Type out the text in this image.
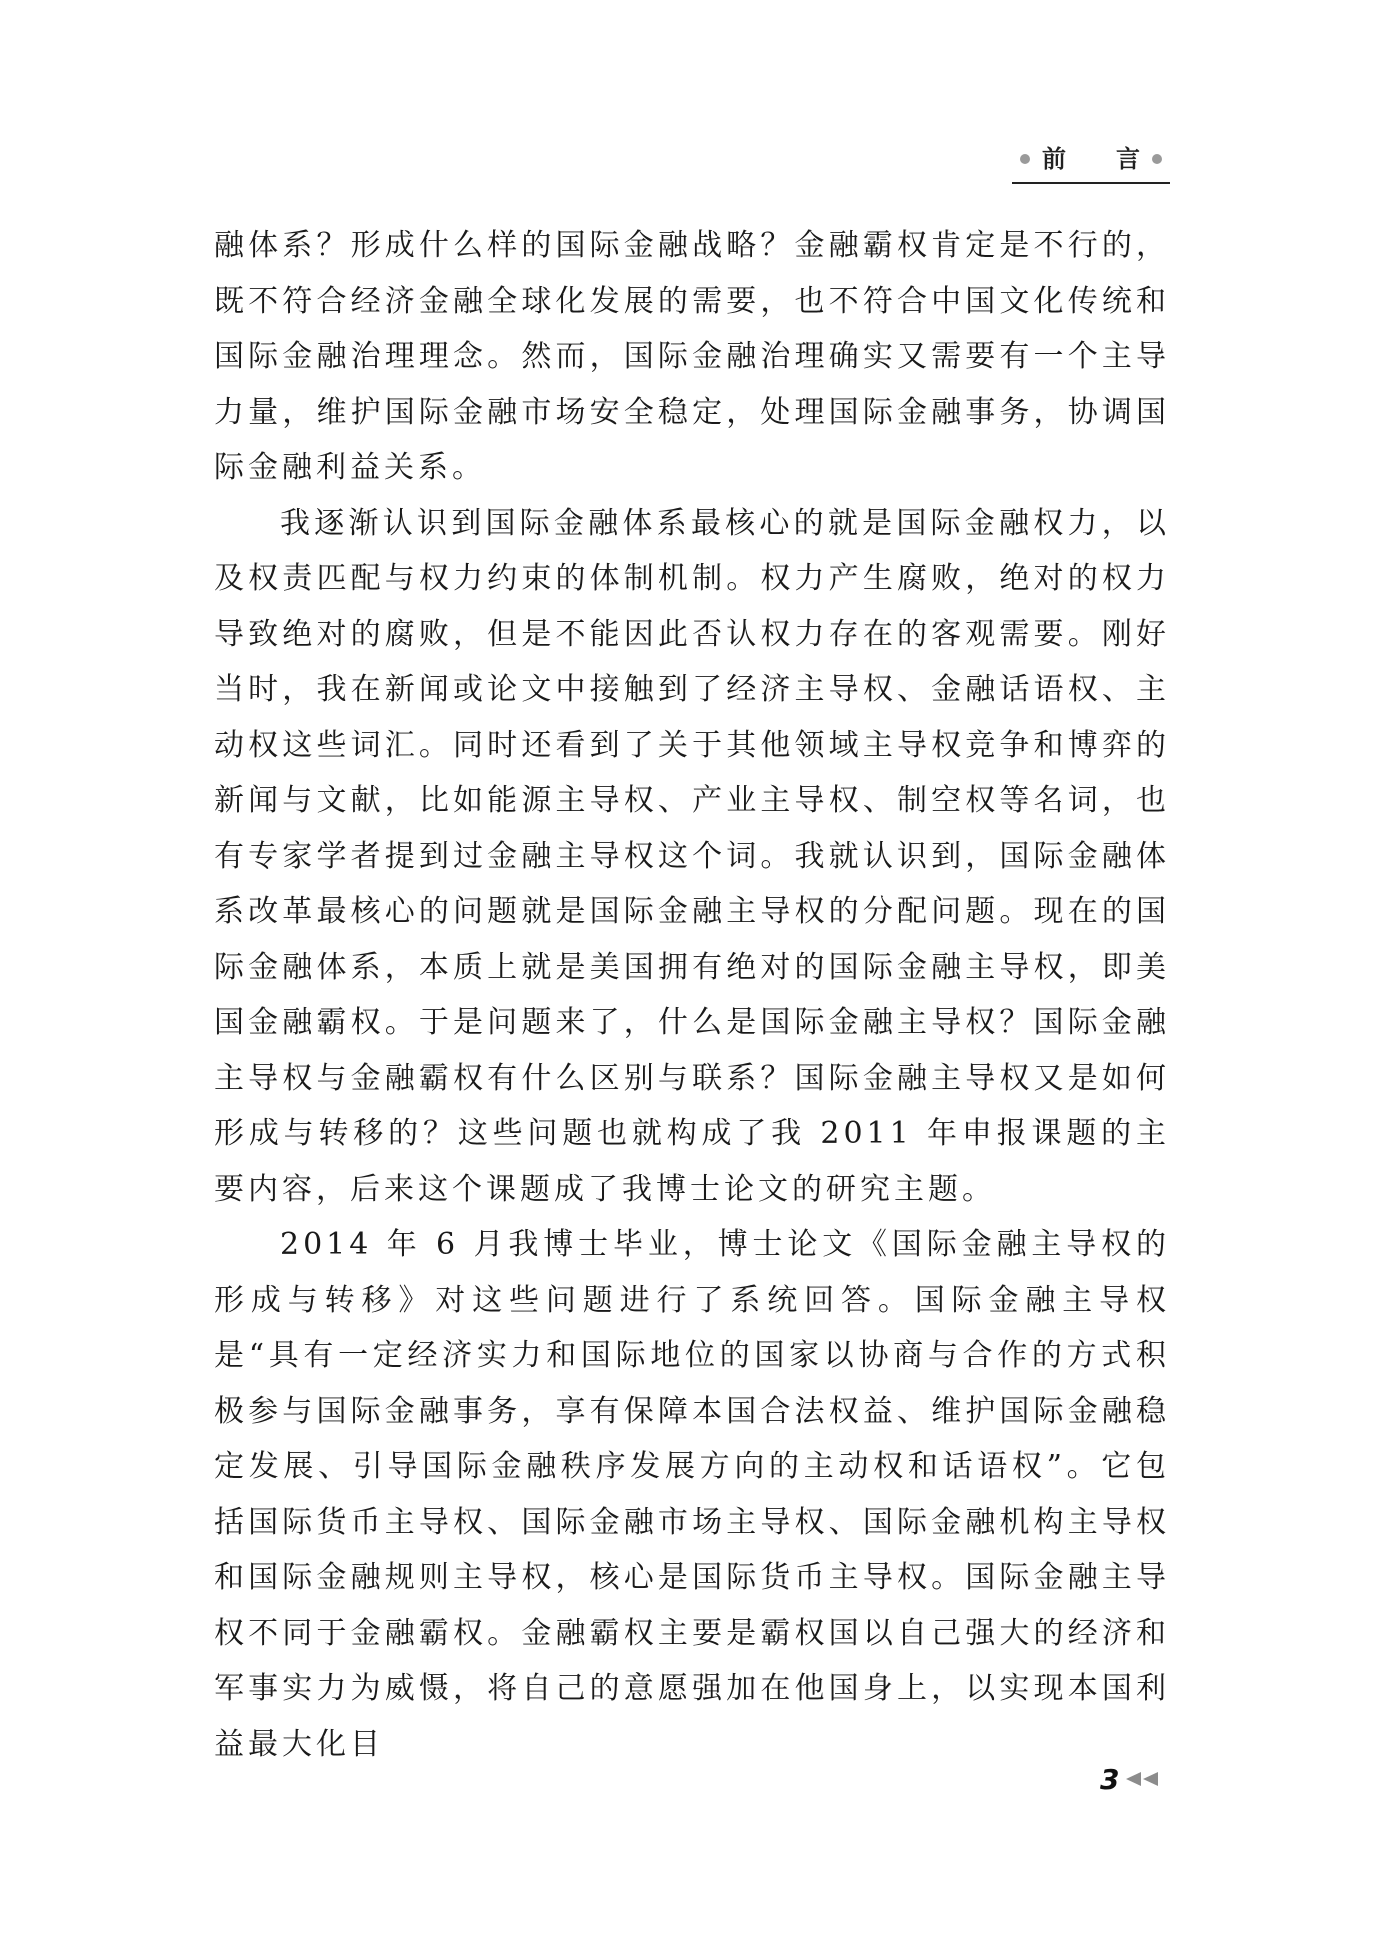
前 言

融体系？形成什么样的国际金融战略？金融霸权肯定是不行的，既不符合经济金融全球化发展的需要，也不符合中国文化传统和国际金融治理理念。然而，国际金融治理确实又需要有一个主导力量，维护国际金融市场安全稳定，处理国际金融事务，协调国际金融利益关系。

我逐渐认识到国际金融体系最核心的就是国际金融权力，以及权责匹配与权力约束的体制机制。权力产生腐败，绝对的权力导致绝对的腐败，但是不能因此否认权力存在的客观需要。刚好当时，我在新闻或论文中接触到了经济主导权、金融话语权、主动权这些词汇。同时还看到了关于其他领域主导权竞争和博弈的新闻与文献，比如能源主导权、产业主导权、制空权等名词，也有专家学者提到过金融主导权这个词。我就认识到，国际金融体系改革最核心的问题就是国际金融主导权的分配问题。现在的国际金融体系，本质上就是美国拥有绝对的国际金融主导权，即美国金融霸权。于是问题来了，什么是国际金融主导权？国际金融主导权与金融霸权有什么区别与联系？国际金融主导权又是如何形成与转移的？这些问题也就构成了我 2011 年申报课题的主要内容，后来这个课题成了我博士论文的研究主题。

2014 年 6 月我博士毕业，博士论文《国际金融主导权的形成与转移》对这些问题进行了系统回答。国际金融主导权是“具有一定经济实力和国际地位的国家以协商与合作的方式积极参与国际金融事务，享有保障本国合法权益、维护国际金融稳定发展、引导国际金融秩序发展方向的主动权和话语权”。它包括国际货币主导权、国际金融市场主导权、国际金融机构主导权和国际金融规则主导权，核心是国际货币主导权。国际金融主导权不同于金融霸权。金融霸权主要是霸权国以自己强大的经济和军事实力为威慑，将自己的意愿强加在他国身上，以实现本国利益最大化目

3
